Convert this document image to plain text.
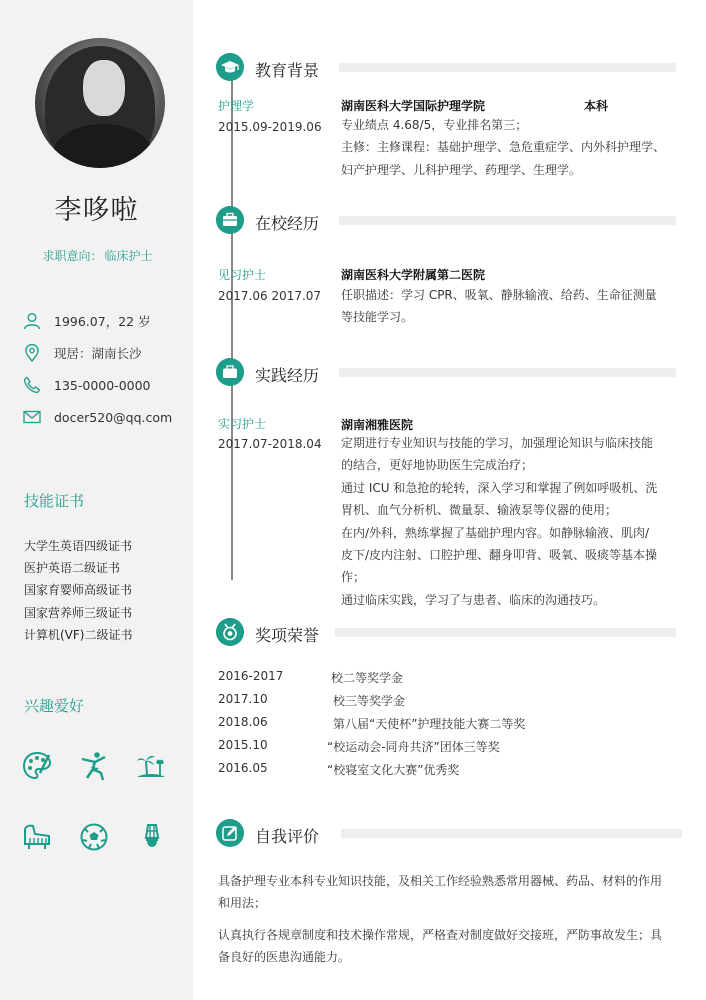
李哆啦
求职意向： 临床护士
1996.07，22 岁
现居：湖南长沙
135-0000-0000
docer520@qq.com
技能证书
大学生英语四级证书
医护英语二级证书
国家育婴师高级证书
国家营养师三级证书
计算机(VF)二级证书
兴趣爱好
教育背景
护理学
2015.09-2019.06
湖南医科大学国际护理学院	本科
专业绩点 4.68/5，专业排名第三；
主修：主修课程：基础护理学、急危重症学、内外科护理学、
妇产护理学、儿科护理学、药理学、生理学。
在校经历
见习护士
2017.06 2017.07
湖南医科大学附属第二医院
任职描述：学习 CPR、吸氧、静脉输液、给药、生命征测量
等技能学习。
实践经历
实习护士
2017.07-2018.04
湖南湘雅医院
定期进行专业知识与技能的学习，加强理论知识与临床技能
的结合，更好地协助医生完成治疗；
通过 ICU 和急抢的轮转，深入学习和掌握了例如呼吸机、洗
胃机、血气分析机、微量泵、输液泵等仪器的使用；
在内/外科，熟练掌握了基础护理内容。如静脉输液、肌肉/
皮下/皮内注射、口腔护理、翻身叩背、吸氧、吸痰等基本操
作；
通过临床实践，学习了与患者、临床的沟通技巧。
奖项荣誉
2016-2017	校二等奖学金
2017.10	校三等奖学金
2018.06	第八届“天使杯”护理技能大赛二等奖
2015.10	“校运动会-同舟共济”团体三等奖
2016.05	“校寝室文化大赛”优秀奖
自我评价
具备护理专业本科专业知识技能，及相关工作经验熟悉常用器械、药品、材料的作用
和用法；
认真执行各规章制度和技术操作常规，严格查对制度做好交接班，严防事故发生；具
备良好的医患沟通能力。
